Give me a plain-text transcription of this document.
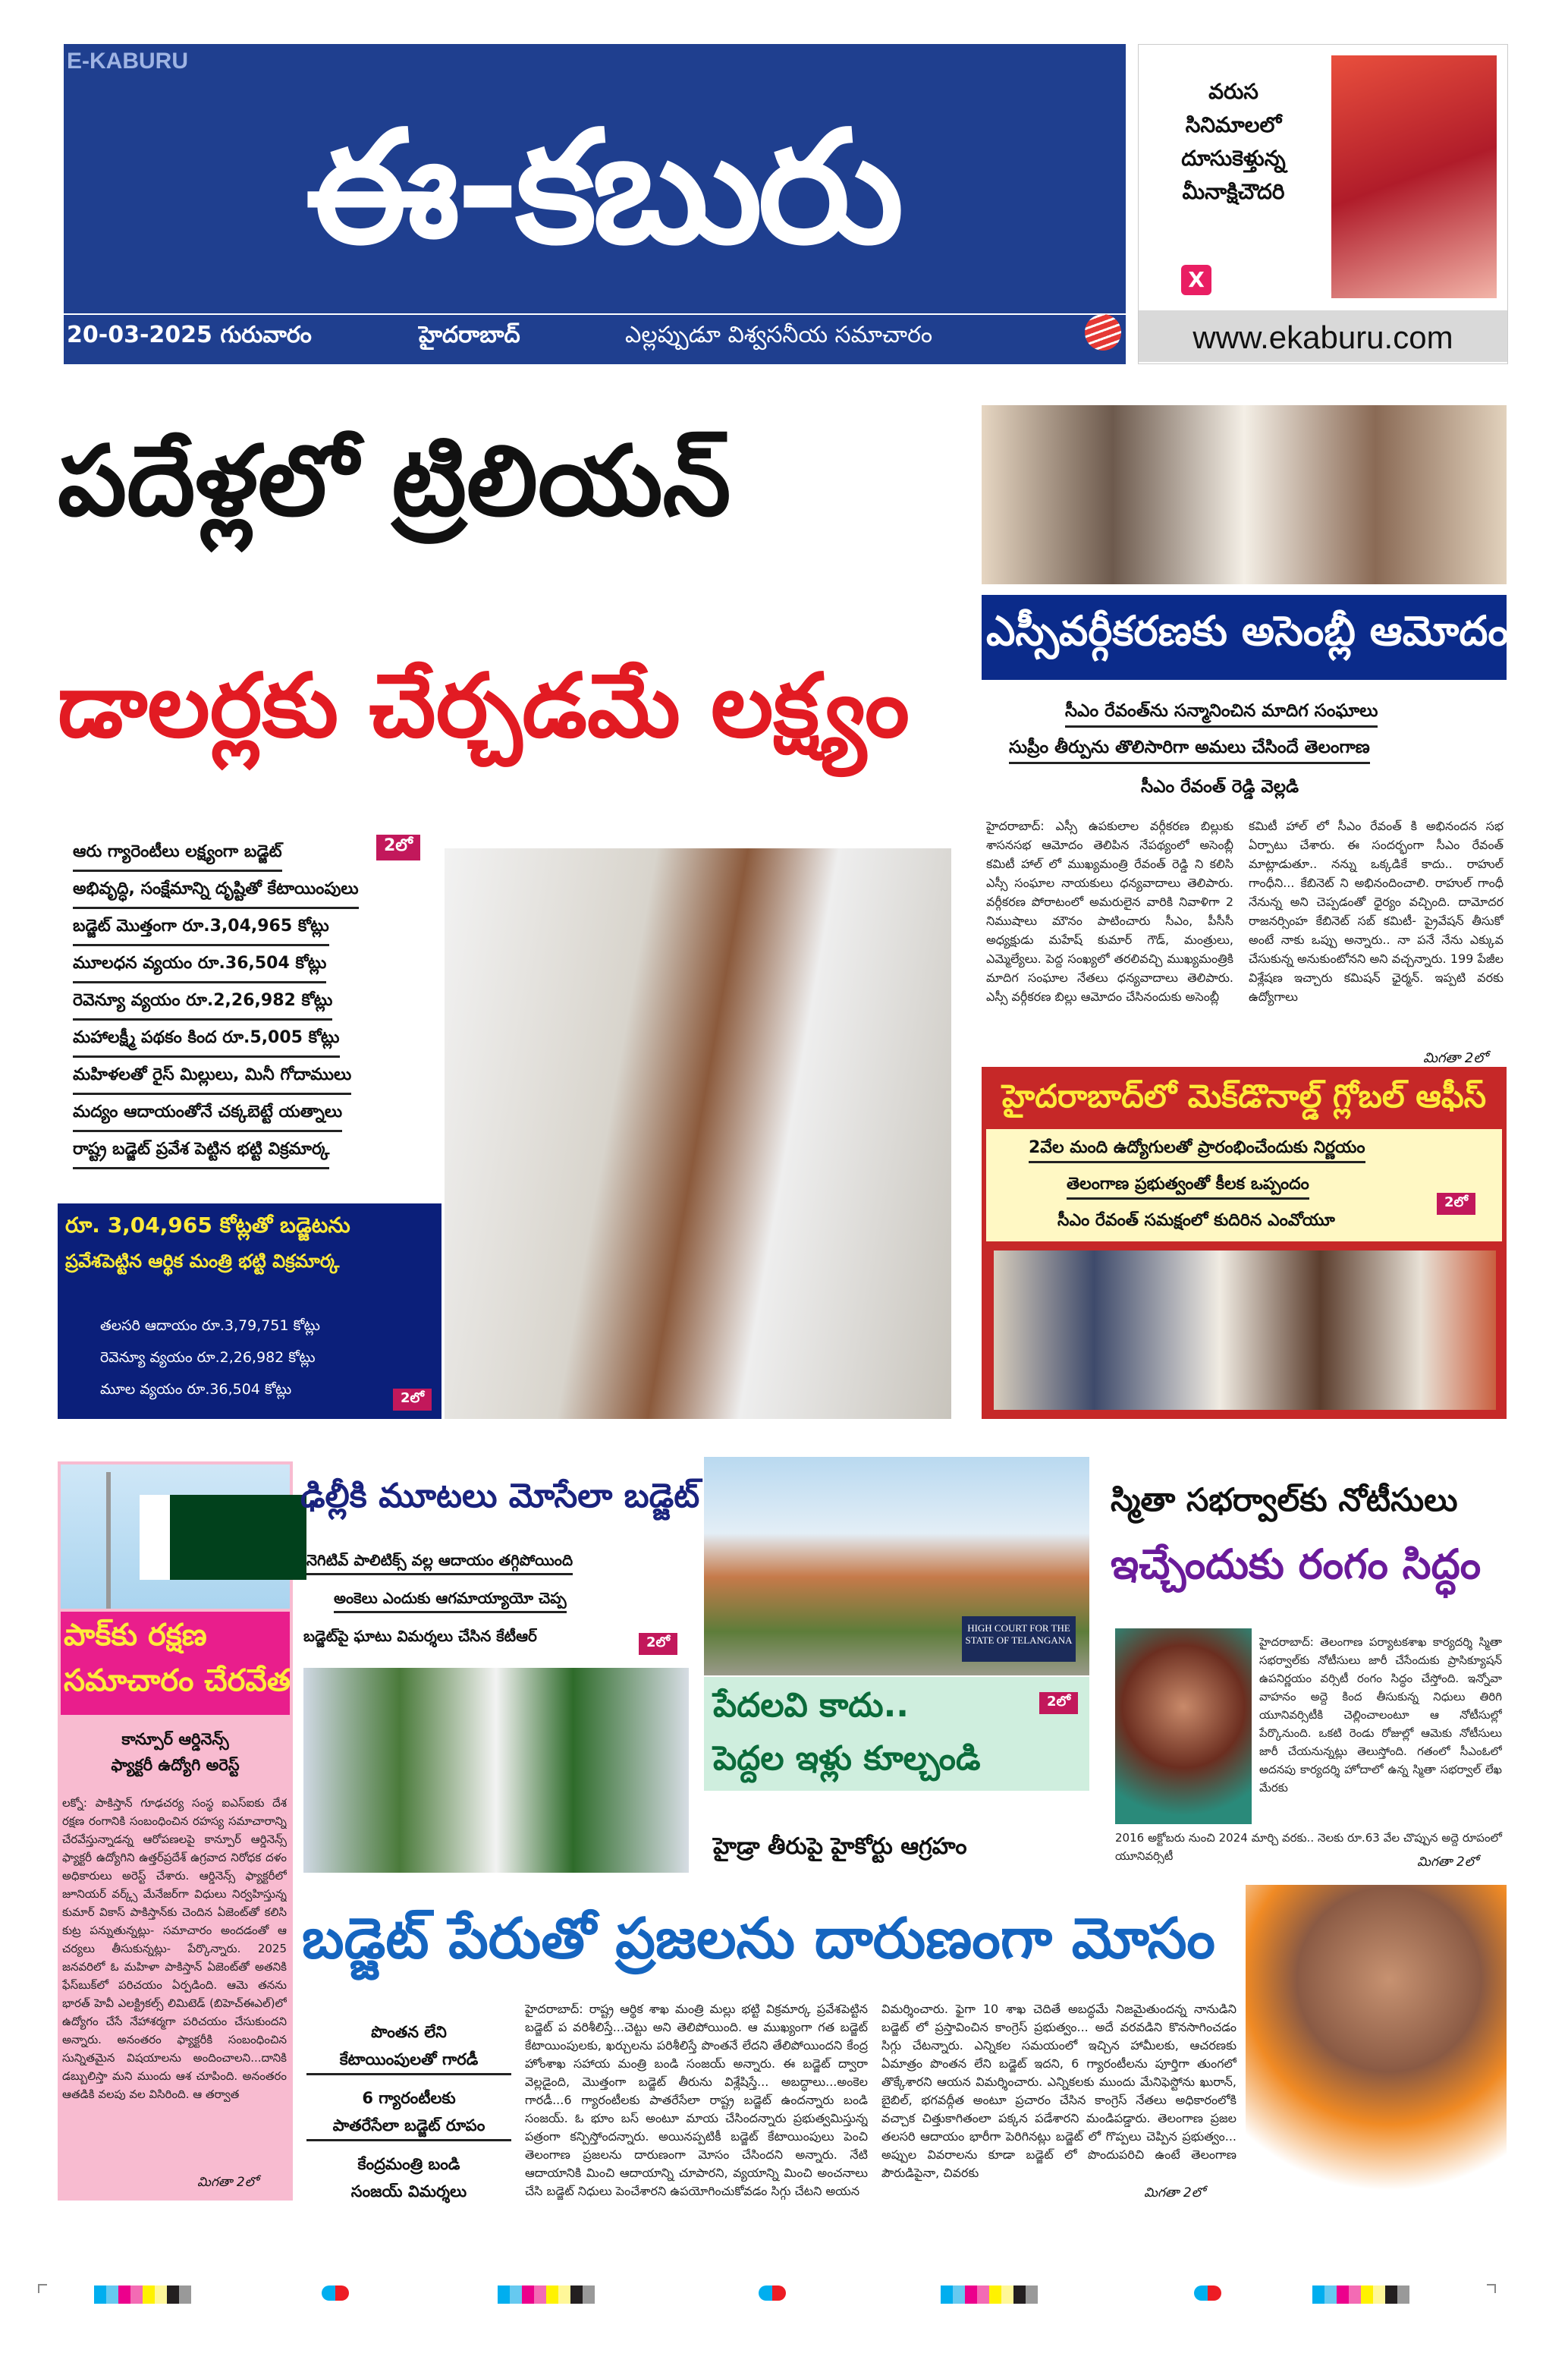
E-KABURU
ఈ-కబురు
20-03-2025 గురువారం	హైదరాబాద్	ఎల్లప్పుడూ విశ్వసనీయ సమాచారం
వరుస
సినిమాలలో
దూసుకెళ్తున్న
మీనాక్షిచౌదరి
X
www.ekaburu.com
పదేళ్లలో ట్రిలియన్
డాలర్లకు చేర్చడమే లక్ష్యం
ఆరు గ్యారెంటీలు లక్ష్యంగా బడ్జెట్
అభివృద్ధి, సంక్షేమాన్ని దృష్టితో కేటాయింపులు
బడ్జెట్ మొత్తంగా రూ.3,04,965 కోట్లు
మూలధన వ్యయం రూ.36,504 కోట్లు
రెవెన్యూ వ్యయం రూ.2,26,982 కోట్లు
మహాలక్ష్మీ పథకం కింద రూ.5,005 కోట్లు
మహిళలతో రైస్ మిల్లులు, మినీ గోదాములు
మద్యం ఆదాయంతోనే చక్కబెట్టే యత్నాలు
రాష్ట్ర బడ్జెట్ ప్రవేశ పెట్టిన భట్టి విక్రమార్క
2లో
రూ. 3,04,965 కోట్లతో బడ్జెటను
ప్రవేశపెట్టిన ఆర్థిక మంత్రి భట్టి విక్రమార్క
తలసరి ఆదాయం రూ.3,79,751 కోట్లు
రెవెన్యూ వ్యయం రూ.2,26,982 కోట్లు
మూల వ్యయం రూ.36,504 కోట్లు
2లో
ఎస్సీవర్గీకరణకు అసెంబ్లీ ఆమోదం
సీఎం రేవంత్‌ను సన్మానించిన మాదిగ సంఘాలు
సుప్రీం తీర్పును తొలిసారిగా అమలు చేసిందే తెలంగాణ
సీఎం రేవంత్ రెడ్డి వెల్లడి
హైదరాబాద్: ఎస్సీ ఉపకులాల వర్గీకరణ బిల్లుకు శాసనసభ ఆమోదం తెలిపిన నేపథ్యంలో అసెంబ్లీ కమిటీ హాల్ లో ముఖ్యమంత్రి రేవంత్ రెడ్డి ని కలిసి ఎస్సీ సంఘాల నాయకులు ధన్యవాదాలు తెలిపారు. వర్గీకరణ పోరాటంలో అమరులైన వారికి నివాళిగా 2 నిముషాలు మౌనం పాటించారు సీఎం, పీసీసీ అధ్యక్షుడు మహేష్ కుమార్ గౌడ్, మంత్రులు, ఎమ్మెల్యేలు. పెద్ద సంఖ్యలో తరలివచ్చి ముఖ్యమంత్రికి మాదిగ సంఘాల నేతలు ధన్యవాదాలు తెలిపారు. ఎస్సీ వర్గీకరణ బిల్లు ఆమోదం చేసినందుకు అసెంబ్లీ
కమిటీ హాల్ లో సీఎం రేవంత్ కి అభినందన సభ ఏర్పాటు చేశారు. ఈ సందర్భంగా సీఎం రేవంత్ మాట్లాడుతూ.. నన్ను ఒక్కడికే కాదు.. రాహుల్ గాంధీని... కేబినెట్ ని అభినందించాలి. రాహుల్ గాంధీ నేనున్న అని చెప్పడంతో ధైర్యం వచ్చింది. దామోదర రాజనర్సింహ కేబినెట్ సబ్ కమిటీ- ప్రైవేషన్ తీసుకో అంటే నాకు ఒప్పు అన్నారు.. నా పనే నేను ఎక్కువ చేసుకున్న అనుకుంటోనని అని వచ్చన్నారు. 199 పేజీల విశ్లేషణ ఇచ్చారు కమిషన్ ఛైర్మన్. ఇప్పటి వరకు ఉద్యోగాలు
మిగతా 2లో
హైదరాబాద్‌లో మెక్‌డొనాల్డ్ గ్లోబల్ ఆఫీస్
2వేల మంది ఉద్యోగులతో ప్రారంభించేందుకు నిర్ణయం
తెలంగాణ ప్రభుత్వంతో కీలక ఒప్పందం
సీఎం రేవంత్ సమక్షంలో కుదిరిన ఎంవోయూ
2లో
పాక్‌కు రక్షణ
సమాచారం చేరవేత
కాన్పూర్ ఆర్డినెన్స్
ఫ్యాక్టరీ ఉద్యోగి అరెస్ట్
లక్నో: పాకిస్తాన్ గూఢచర్య సంస్థ ఐఎస్ఐకు దేశ రక్షణ రంగానికి సంబంధించిన రహస్య సమాచారాన్ని చేరవేస్తున్నాడన్న ఆరోపణలపై కాన్పూర్ ఆర్డినెన్స్ ఫ్యాక్టరీ ఉద్యోగిని ఉత్తర్‌ప్రదేశ్ ఉగ్రవాద నిరోధక దళం అధికారులు అరెస్ట్ చేశారు. ఆర్డినెన్స్ ఫ్యాక్టరీలో జూనియర్ వర్క్స్ మేనేజర్‌గా విధులు నిర్వహిస్తున్న కుమార్ వికాస్ పాకిస్తాన్‌కు చెందిన ఏజెంట్‌తో కలిసి కుట్ర పన్నుతున్నట్లు- సమాచారం అందడంతో ఆ చర్యలు తీసుకున్నట్లు- పేర్కొన్నారు. 2025 జనవరిలో ఓ మహిళా పాకిస్తాన్ ఏజెంట్‌తో అతనికి ఫేస్‌బుక్‌లో పరిచయం ఏర్పడింది. ఆమె తనను భారత్ హెవీ ఎలక్ట్రికల్స్ లిమిటెడ్ (బిహెచ్ఈఎల్)లో ఉద్యోగం చేసే నేహాశర్మగా పరిచయం చేసుకుందని అన్నారు. అనంతరం ఫ్యాక్టరీకి సంబంధించిన సున్నితమైన విషయాలను అందించాలని...దానికి డబ్బులిస్తా మని ముందు ఆశ చూపింది. అనంతరం ఆతడికి వలపు వల విసిరింది. ఆ తర్వాత
మిగతా 2లో
ఢిల్లీకి మూటలు మోసేలా బడ్జెట్
నెగిటివ్ పాలిటిక్స్ వల్ల ఆదాయం తగ్గిపోయింది
అంకెలు ఎందుకు ఆగమాయ్యాయో చెప్ప
బడ్జెట్‌పై ఘాటు విమర్శలు చేసిన కేటీఆర్	2లో
HIGH COURT FOR THE
STATE OF TELANGANA
పేదలవి కాదు..
పెద్దల ఇళ్లు కూల్చండి
2లో
హైడ్రా తీరుపై హైకోర్టు ఆగ్రహం
స్మితా సభర్వాల్‌కు నోటీసులు
ఇచ్చేందుకు రంగం సిద్ధం
హైదరాబాద్: తెలంగాణ పర్యాటకశాఖ కార్యదర్శి స్మితా సభర్వాల్‌కు నోటీసులు జారీ చేసేందుకు ప్రాసిక్యూషన్ ఉపనిర్ణయం వర్సిటీ రంగం సిద్ధం చేస్తోంది. ఇన్నోవా వాహనం అద్దె కింద తీసుకున్న నిధులు తిరిగి యూనివర్సిటీకి చెల్లించాలంటూ ఆ నోటీసుల్లో పేర్కొనుంది. ఒకటి రెండు రోజుల్లో ఆమెకు నోటీసులు జారీ చేయనున్నట్లు తెలుస్తోంది. గతంలో సీఎంఓలో అదనపు కార్యదర్శి హోదాలో ఉన్న స్మితా సభర్వాల్ లేఖ మేరకు
2016 అక్టోబరు నుంచి 2024 మార్చి వరకు.. నెలకు రూ.63 వేల చొప్పున అద్దె రూపంలో యూనివర్సిటీ	మిగతా 2లో
బడ్జెట్ పేరుతో ప్రజలను దారుణంగా మోసం
పొంతన లేని
కేటాయింపులతో గారడీ
6 గ్యారంటీలకు
పాతరేసేలా బడ్జెట్ రూపం
కేంద్రమంత్రి బండి
సంజయ్ విమర్శలు
హైదరాబాద్: రాష్ట్ర ఆర్థిక శాఖ మంత్రి మల్లు భట్టి విక్రమార్క ప్రవేశపెట్టిన బడ్జెట్ ప వరిశీలిస్తే...చెట్టు అని తెలిపోయింది. ఆ ముఖ్యంగా గత బడ్జెట్ కేటాయింపులకు, ఖర్చులను పరిశీలిస్తే పొంతనే లేదని తేలిపోయిందని కేంద్ర హోంశాఖ సహాయ మంత్రి బండి సంజయ్ అన్నారు. ఈ బడ్జెట్ ద్వారా వెల్లడైంది, మొత్తంగా బడ్జెట్ తీరును విశ్లేషిస్తే... అబద్ధాలు...అంకెల గారడీ...6 గ్యారంటీలకు పాతరేసేలా రాష్ట్ర బడ్జెట్ ఉందన్నారు బండి సంజయ్. ఓ భూం బస్ అంటూ మాయ చేసిందన్నారు ప్రభుత్వమిస్తున్న పత్రంగా కన్పిస్తోందన్నారు. అయినప్పటికీ బడ్జెట్ కేటాయింపులు పెంచి తెలంగాణ ప్రజలను దారుణంగా మోసం చేసిందని అన్నారు. నేటి ఆదాయానికి మించి ఆదాయాన్ని చూపారని, వ్యయాన్ని మించి అంచనాలు చేసి బడ్జెట్ నిధులు పెంచేశారని ఉపయోగించుకోవడం సిగ్గు చేటని అయన
విమర్శించారు. ఫైగా 10 శాఖ చెదితే అబద్ధమే నిజమైతుందన్న నానుడిని బడ్జెట్ లో ప్రస్తావించిన కాంగ్రెస్ ప్రభుత్వం... అదే వరవడిని కొనసాగించడం సిగ్గు చేటన్నారు. ఎన్నికల సమయంలో ఇచ్చిన హామీలకు, ఆచరణకు ఏమాత్రం పొంతన లేని బడ్జెట్ ఇదని, 6 గ్యారంటీలను పూర్తిగా తుంగలో తొక్కేశారని ఆయన విమర్శించారు. ఎన్నికలకు ముందు మేనిఫెస్టోను ఖురాన్, బైబిల్, భగవద్గీత అంటూ ప్రచారం చేసిన కాంగ్రెస్ నేతలు అధికారంలోకి వచ్చాక చిత్తుకాగితంలా పక్కన పడేశారని మండిపడ్డారు. తెలంగాణ ప్రజల తలసరి ఆదాయం భారీగా పెరిగినట్లు బడ్జెట్ లో గొప్పలు చెప్పిన ప్రభుత్వం... అప్పుల వివరాలను కూడా బడ్జెట్ లో పొందుపరిచి ఉంటే తెలంగాణ పౌరుడిపైనా, చివరకు
మిగతా 2లో
